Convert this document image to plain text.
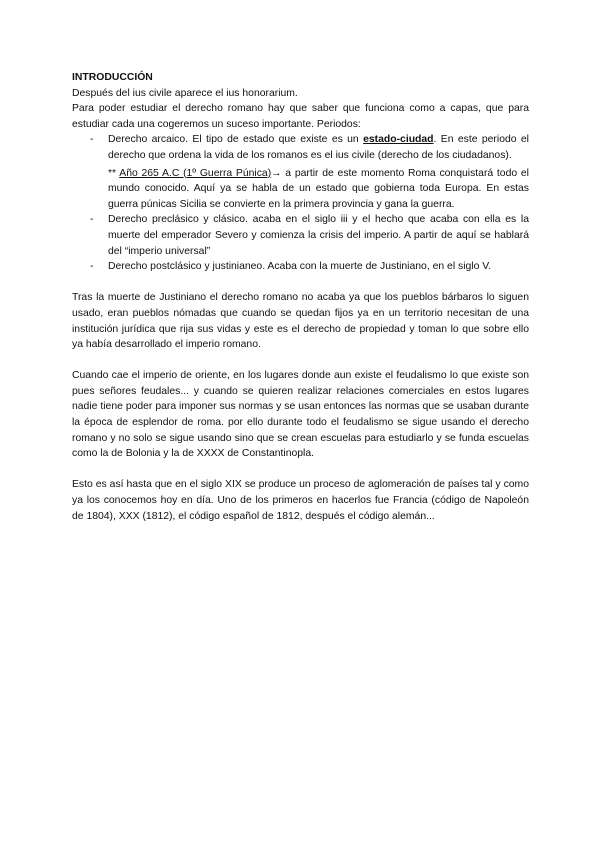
INTRODUCCIÓN

Después del ius civile aparece el ius honorarium.

Para poder estudiar el derecho romano hay que saber que funciona como a capas, que para estudiar cada una cogeremos un suceso importante. Periodos:

- Derecho arcaico. El tipo de estado que existe es un estado-ciudad. En este periodo el derecho que ordena la vida de los romanos es el ius civile (derecho de los ciudadanos).
** Año 265 A.C (1º Guerra Púnica)→ a partir de este momento Roma conquistará todo el mundo conocido. Aquí ya se habla de un estado que gobierna toda Europa. En estas guerra púnicas Sicilia se convierte en la primera provincia y gana la guerra.
- Derecho preclásico y clásico. acaba en el siglo iii y el hecho que acaba con ella es la muerte del emperador Severo y comienza la crisis del imperio. A partir de aquí se hablará del “imperio universal”
- Derecho postclásico y justinianeo. Acaba con la muerte de Justiniano, en el siglo V.

Tras la muerte de Justiniano el derecho romano no acaba ya que los pueblos bárbaros lo siguen usado, eran pueblos nómadas que cuando se quedan fijos ya en un territorio necesitan de una institución jurídica que rija sus vidas y este es el derecho de propiedad y toman lo que sobre ello ya había desarrollado el imperio romano.

Cuando cae el imperio de oriente, en los lugares donde aun existe el feudalismo lo que existe son pues señores feudales... y cuando se quieren realizar relaciones comerciales en estos lugares nadie tiene poder para imponer sus normas y se usan entonces las normas que se usaban durante la época de esplendor de roma. por ello durante todo el feudalismo se sigue usando el derecho romano y no solo se sigue usando sino que se crean escuelas para estudiarlo y se funda escuelas como la de Bolonia y la de XXXX de Constantinopla.

Esto es así hasta que en el siglo XIX se produce un proceso de aglomeración de países tal y como ya los conocemos hoy en día. Uno de los primeros en hacerlos fue Francia (código de Napoleón de 1804), XXX (1812), el código español de 1812, después el código alemán...
